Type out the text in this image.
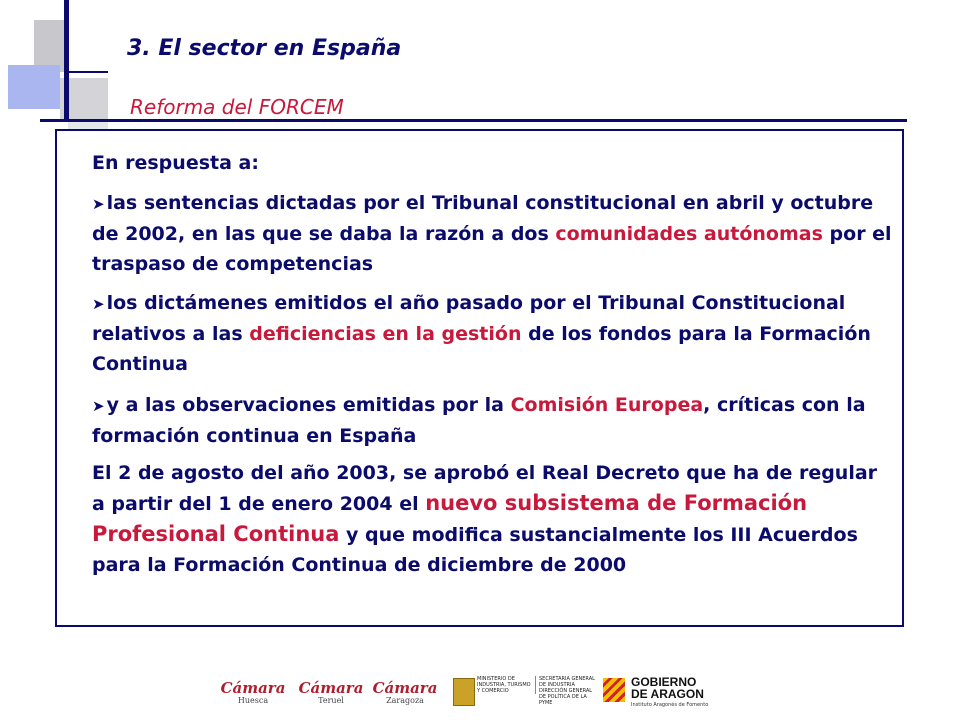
3. El sector en España
Reforma del FORCEM
En respuesta a:
➤ las sentencias dictadas por el Tribunal constitucional en abril y octubre de 2002, en las que se daba la razón a dos comunidades autónomas por el traspaso de competencias
➤ los dictámenes emitidos el año pasado por el Tribunal Constitucional relativos a las deficiencias en la gestión de los fondos para la Formación Continua
➤ y a las observaciones emitidas por la Comisión Europea, críticas con la formación continua en España
El 2 de agosto del año 2003, se aprobó el Real Decreto que ha de regular a partir del 1 de enero 2004 el nuevo subsistema de Formación Profesional Continua y que modifica sustancialmente los III Acuerdos para la Formación Continua de diciembre de 2000
Cámara
Huesca
Cámara
Teruel
Cámara
Zaragoza
MINISTERIO DE INDUSTRIA, TURISMO Y COMERCIO
SECRETARIA GENERAL DE INDUSTRIA DIRECCIÓN GENERAL DE POLÍTICA DE LA PYME
GOBIERNO
DE ARAGON
Instituto Aragonés de Fomento
